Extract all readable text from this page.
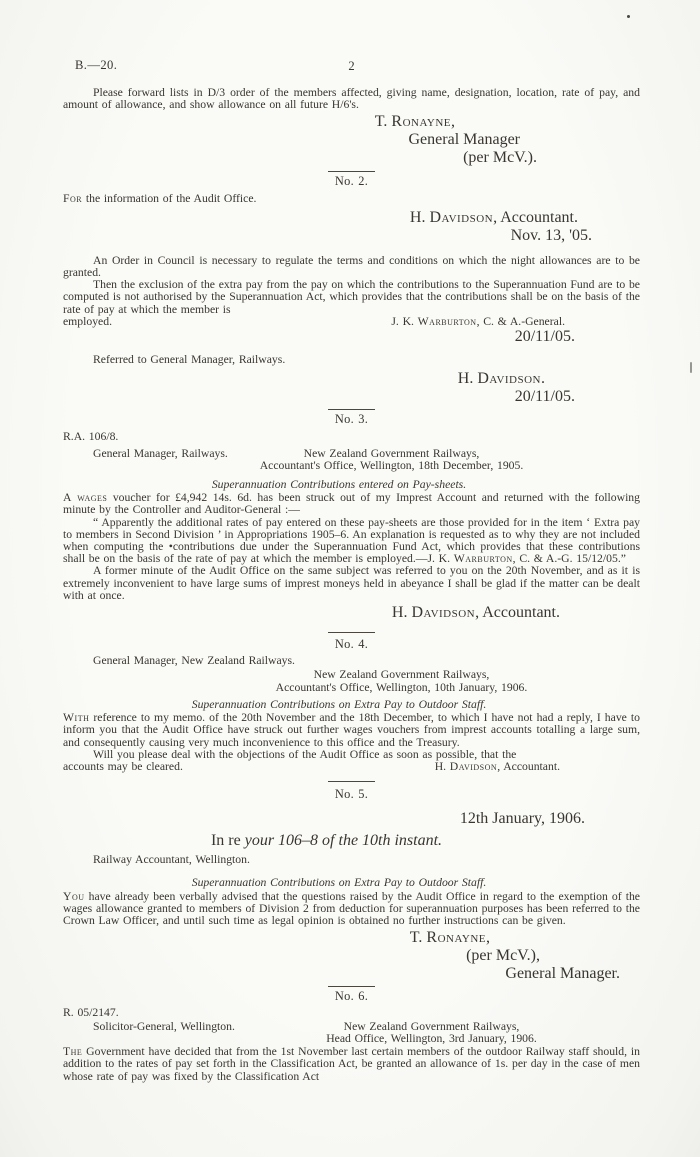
B.—20.	2

Please forward lists in D/3 order of the members affected, giving name, designation, location, rate of pay, and amount of allowance, and show allowance on all future H/6's.

T. Ronayne,
General Manager
(per McV.).
No. 2.

For the information of the Audit Office.

H. Davidson, Accountant.
Nov. 13, '05.

An Order in Council is necessary to regulate the terms and conditions on which the night allowances are to be granted.

Then the exclusion of the extra pay from the pay on which the contributions to the Superannuation Fund are to be computed is not authorised by the Superannuation Act, which provides that the contributions shall be on the basis of the rate of pay at which the member is

employed.	J. K. Warburton, C. & A.-General.
20/11/05.

Referred to General Manager, Railways.

H. Davidson.
20/11/05.
No. 3.
R.A. 106/8.
General Manager, Railways.	New Zealand Government Railways,
Accountant's Office, Wellington, 18th December, 1905.
Superannuation Contributions entered on Pay-sheets.

A wages voucher for £4,942 14s. 6d. has been struck out of my Imprest Account and returned with the following minute by the Controller and Auditor-General :—

“ Apparently the additional rates of pay entered on these pay-sheets are those provided for in the item ‘ Extra pay to members in Second Division ’ in Appropriations 1905–6. An explanation is requested as to why they are not included when computing the •contributions due under the Superannuation Fund Act, which provides that these contributions shall be on the basis of the rate of pay at which the member is employed.—J. K. Warburton, C. & A.-G. 15/12/05.”

A former minute of the Audit Office on the same subject was referred to you on the 20th November, and as it is extremely inconvenient to have large sums of imprest moneys held in abeyance I shall be glad if the matter can be dealt with at once.

H. Davidson, Accountant.
No. 4.
General Manager, New Zealand Railways.
New Zealand Government Railways,
Accountant's Office, Wellington, 10th January, 1906.
Superannuation Contributions on Extra Pay to Outdoor Staff.

With reference to my memo. of the 20th November and the 18th December, to which I have not had a reply, I have to inform you that the Audit Office have struck out further wages vouchers from imprest accounts totalling a large sum, and consequently causing very much inconvenience to this office and the Treasury.

Will you please deal with the objections of the Audit Office as soon as possible, that the

accounts may be cleared.	H. Davidson, Accountant.
No. 5.
12th January, 1906.
In re your 106–8 of the 10th instant.
Railway Accountant, Wellington.
Superannuation Contributions on Extra Pay to Outdoor Staff.

You have already been verbally advised that the questions raised by the Audit Office in regard to the exemption of the wages allowance granted to members of Division 2 from deduction for superannuation purposes has been referred to the Crown Law Officer, and until such time as legal opinion is obtained no further instructions can be given.

T. Ronayne,
(per McV.),
General Manager.
No. 6.
R. 05/2147.
Solicitor-General, Wellington.	New Zealand Government Railways,
Head Office, Wellington, 3rd January, 1906.

The Government have decided that from the 1st November last certain members of the outdoor Railway staff should, in addition to the rates of pay set forth in the Classification Act, be granted an allowance of 1s. per day in the case of men whose rate of pay was fixed by the Classification Act
